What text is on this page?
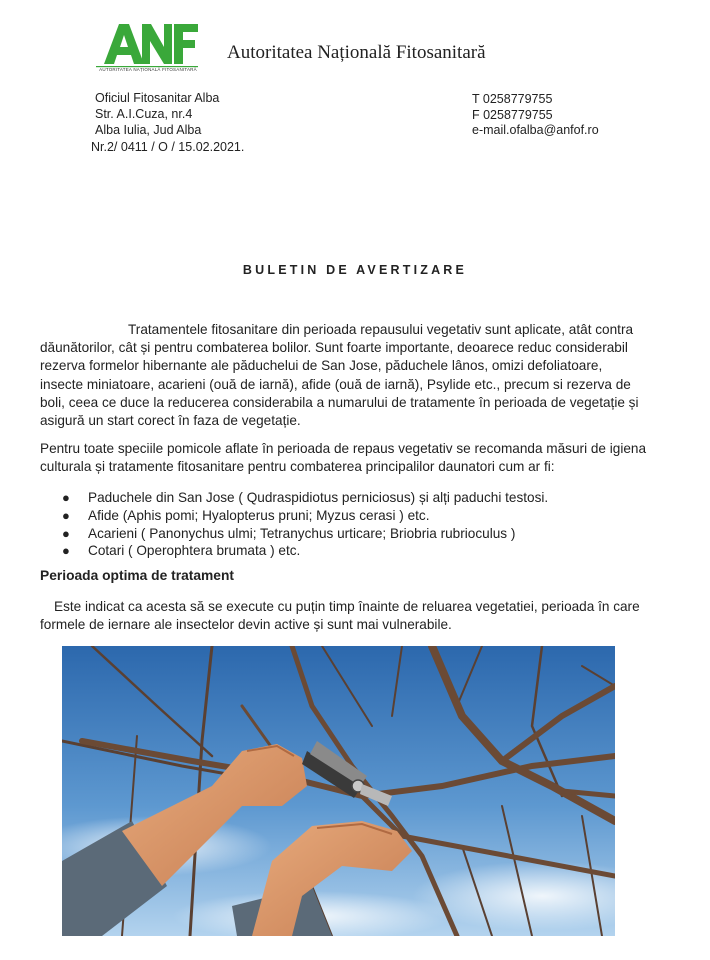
AUTORITATEA NAȚIONALĂ FITOSANITARĂ
Autoritatea Națională Fitosanitară
Oficiul Fitosanitar Alba
Str. A.I.Cuza, nr.4
Alba Iulia, Jud Alba
Nr.2/ 0411 / O / 15.02.2021.
T 0258779755
F 0258779755
e-mail.ofalba@anfof.ro
BULETIN DE AVERTIZARE
Tratamentele fitosanitare din perioada repausului vegetativ sunt aplicate, atât contra
dăunătorilor, cât și pentru combaterea bolilor. Sunt foarte importante, deoarece reduc considerabil
rezerva formelor hibernante ale păduchelui de San Jose, păduchele lânos, omizi defoliatoare,
insecte miniatoare, acarieni (ouă de iarnă), afide (ouă de iarnă), Psylide etc., precum si rezerva de
boli, ceea ce duce la reducerea considerabila a numarului de tratamente în perioada de vegetație și
asigură un start corect în faza de vegetație.
Pentru toate speciile pomicole aflate în perioada de repaus vegetativ se recomanda măsuri de igiena
culturala și tratamente fitosanitare pentru combaterea principalilor daunatori cum ar fi:
● Paduchele din San Jose ( Qudraspidiotus perniciosus) și alți paduchi testosi.
● Afide (Aphis pomi; Hyalopterus pruni; Myzus cerasi ) etc.
● Acarieni ( Panonychus ulmi; Tetranychus urticare; Briobria rubrioculus )
● Cotari ( Operophtera brumata ) etc.
Perioada optima de tratament
Este indicat ca acesta să se execute cu puțin timp înainte de reluarea vegetatiei, perioada în care
formele de iernare ale insectelor devin active și sunt mai vulnerabile.
